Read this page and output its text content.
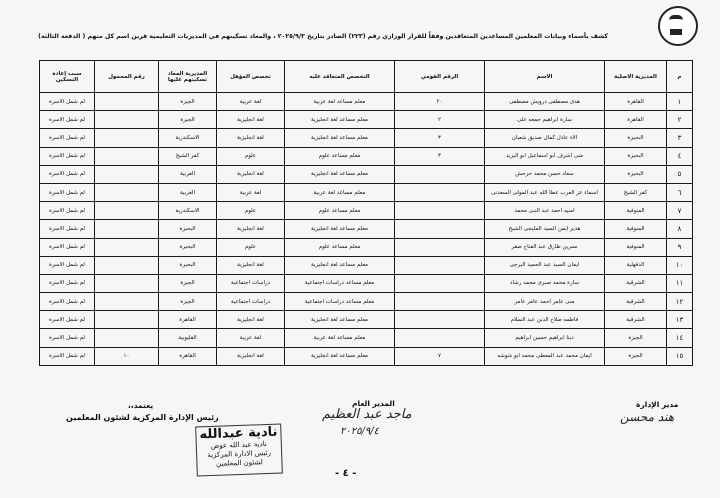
كشف بأسماء وبيانات المعلمين المساعدين المتعاقدين وفقاً للقرار الوزاري رقم (٢٢٣) الصادر بتاريخ ٢٠٢٥/٩/٣ ، والمعاد تسكينهم في المديريات التعليمية قرين اسم كل منهم ( الدفعة الثالثة)
م	المديرية الاصلية	الاسم	الرقم القومي	التخصص المتعاقد عليه	تخصص المؤهل	المديرية المعاد تسكينهم عليها	رقم المحمول	سبب إعادة التسكين
١	القاهرة	هدى مصطفى درويش مصطفى	٢٠	معلم مساعد لغة عربية	لغة عربية	الجيزة		لم شمل الاسرة
٢	القاهرة	سارة ابراهيم جمعه على	٢	معلم مساعد لغة انجليزية	لغة انجليزية	الجيزة		لم شمل الاسرة
٣	البحيرة	الاء عادل كمال صديق شعبان	٣	معلم مساعد لغة انجليزية	لغة انجليزية	الاسكندرية		لم شمل الاسرة
٤	البحيرة	منى اشرف ابو اسماعيل ابو اليزيد	٣	معلم مساعد علوم	علوم	كفر الشيخ		لم شمل الاسرة
٥	البحيرة	سعاد حسن محمد حرحش		معلم مساعد لغة انجليزية	لغة انجليزية	الغربية		لم شمل الاسرة
٦	كفر الشيخ	اسماء عز العرب عطا الله عبد المولى السعدنى		معلم مساعد لغة عربية	لغة عربية	الغربية		لم شمل الاسرة
٧	المنوفية	امنيه احمد عبد النبى محمد		معلم مساعد علوم	علوم	الاسكندرية		لم شمل الاسرة
٨	المنوفية	هدير ايمن السيد المليجى الشيخ		معلم مساعد لغة انجليزية	لغة انجليزية	البحيرة		لم شمل الاسرة
٩	المنوفية	نسرين طارق عبد الفتاح صقر		معلم مساعد علوم	علوم	البحيرة		لم شمل الاسرة
١٠	الدقهلية	ايمان السيد عبد الحميد البرجى		معلم مساعد لغة انجليزية	لغة انجليزية	البحيرة		لم شمل الاسرة
١١	الشرقية	سارة محمد صبرى محمد رشاد		معلم مساعد دراسات اجتماعية	دراسات اجتماعية	الجيزة		لم شمل الاسرة
١٢	الشرقية	منى عامر احمد عامر عامر		معلم مساعد دراسات اجتماعية	دراسات اجتماعية	الجيزة		لم شمل الاسرة
١٣	الشرقية	فاطمه صلاح الدين عبد السلام		معلم مساعد لغة انجليزية	لغة انجليزية	القاهرة		لم شمل الاسرة
١٤	الجيزة	دينا ابراهيم حسين ابراهيم		معلم مساعد لغة عربية	لغة عربية	القليوبية		لم شمل الاسرة
١٥	الجيزة	ايمان محمد عبد المعطى محمد ابو شوشه	٧	معلم مساعد لغة انجليزية	لغة انجليزية	القاهرة	١٠	لم شمل الاسرة
مدير الإدارة
هند محسن
المدير العام
ماجد عبد العظيم
٢٠٢٥/٩/٤
يعتمد،،
رئيس الإدارة المركزية لشئون المعلمين
نادية عبدالله
نادية عبد الله عوض
رئيس الادارة المركزية
لشئون المعلمين
- ٤ -
